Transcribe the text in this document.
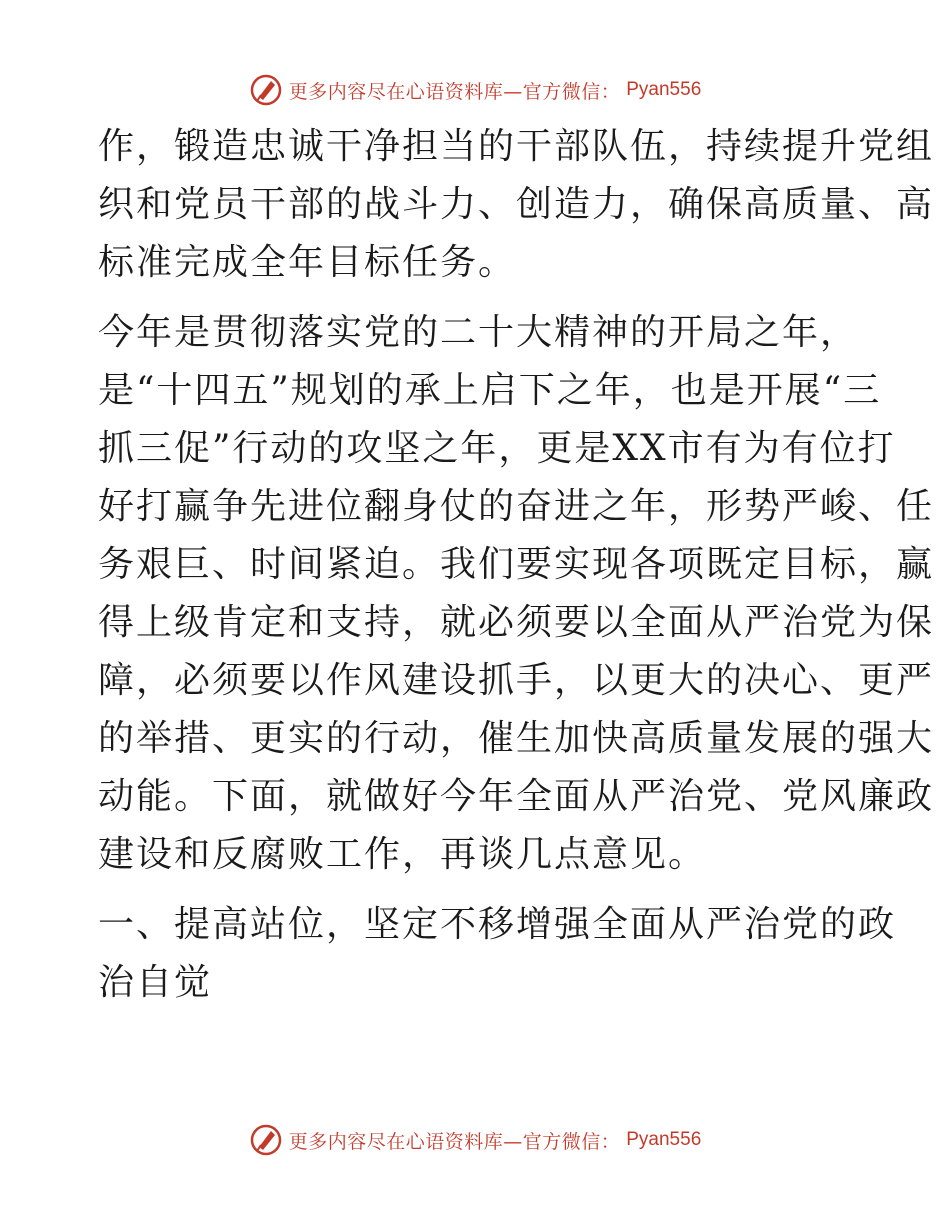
更多内容尽在心语资料库—官方微信： Pyan556
作，锻造忠诚干净担当的干部队伍，持续提升党组
织和党员干部的战斗力、创造力，确保高质量、高
标准完成全年目标任务。
今年是贯彻落实党的二十大精神的开局之年，
是“十四五”规划的承上启下之年，也是开展“三
抓三促”行动的攻坚之年，更是XX市有为有位打
好打赢争先进位翻身仗的奋进之年，形势严峻、任
务艰巨、时间紧迫。我们要实现各项既定目标，赢
得上级肯定和支持，就必须要以全面从严治党为保
障，必须要以作风建设抓手，以更大的决心、更严
的举措、更实的行动，催生加快高质量发展的强大
动能。下面，就做好今年全面从严治党、党风廉政
建设和反腐败工作，再谈几点意见。
一、提高站位，坚定不移增强全面从严治党的政
治自觉
更多内容尽在心语资料库—官方微信： Pyan556
